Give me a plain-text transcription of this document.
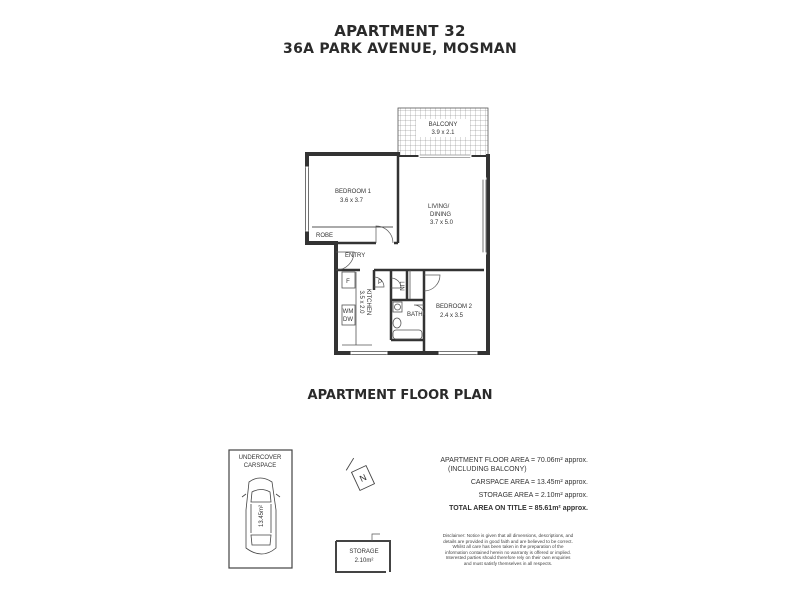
APARTMENT 32
36A PARK AVENUE, MOSMAN
BALCONY
3.9 x 2.1
ROBE
F
WM
DW
KITCHEN
3.5 x 2.0
P	LIN
BATH
BEDROOM 1
3.6 x 3.7
LIVING/
DINING
3.7 x 5.0
ENTRY
BEDROOM 2
2.4 x 3.5
UNDERCOVER
CARSPACE
13.45m²
STORAGE
2.10m²
N
APARTMENT FLOOR PLAN
APARTMENT FLOOR AREA = 70.06m² approx.
(INCLUDING BALCONY)
CARSPACE AREA = 13.45m² approx.
STORAGE AREA = 2.10m² approx.
TOTAL AREA ON TITLE = 85.61m² approx.
Disclaimer: Notice is given that all dimensions, descriptions, and details are provided in good faith and are believed to be correct. Whilst all care has been taken in the preparation of the information contained herein no warranty is offered or implied. Interested parties should therefore rely on their own enquiries and must satisfy themselves in all respects.
